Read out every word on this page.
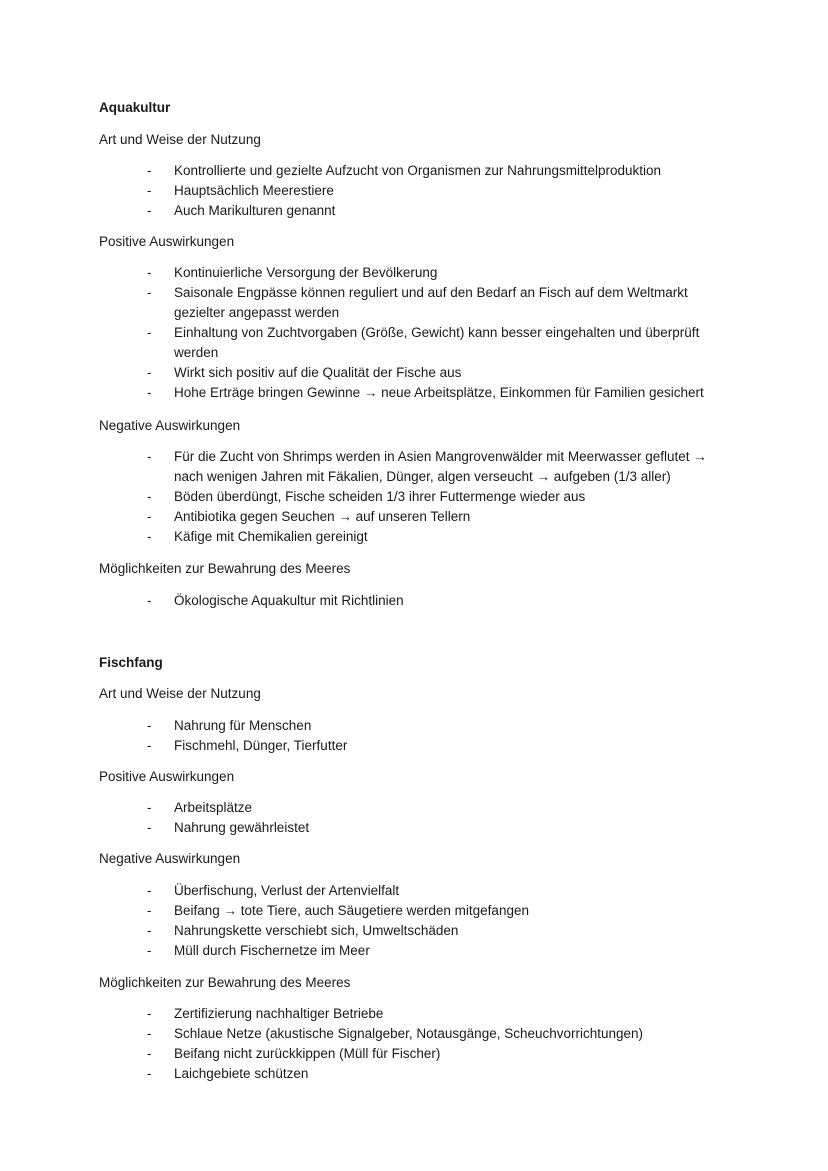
Aquakultur
Art und Weise der Nutzung
- Kontrollierte und gezielte Aufzucht von Organismen zur Nahrungsmittelproduktion
- Hauptsächlich Meerestiere
- Auch Marikulturen genannt
Positive Auswirkungen
- Kontinuierliche Versorgung der Bevölkerung
- Saisonale Engpässe können reguliert und auf den Bedarf an Fisch auf dem Weltmarkt gezielter angepasst werden
- Einhaltung von Zuchtvorgaben (Größe, Gewicht) kann besser eingehalten und überprüft werden
- Wirkt sich positiv auf die Qualität der Fische aus
- Hohe Erträge bringen Gewinne → neue Arbeitsplätze, Einkommen für Familien gesichert
Negative Auswirkungen
- Für die Zucht von Shrimps werden in Asien Mangrovenwälder mit Meerwasser geflutet → nach wenigen Jahren mit Fäkalien, Dünger, algen verseucht → aufgeben (1/3 aller)
- Böden überdüngt, Fische scheiden 1/3 ihrer Futtermenge wieder aus
- Antibiotika gegen Seuchen → auf unseren Tellern
- Käfige mit Chemikalien gereinigt
Möglichkeiten zur Bewahrung des Meeres
- Ökologische Aquakultur mit Richtlinien
Fischfang
Art und Weise der Nutzung
- Nahrung für Menschen
- Fischmehl, Dünger, Tierfutter
Positive Auswirkungen
- Arbeitsplätze
- Nahrung gewährleistet
Negative Auswirkungen
- Überfischung, Verlust der Artenvielfalt
- Beifang → tote Tiere, auch Säugetiere werden mitgefangen
- Nahrungskette verschiebt sich, Umweltschäden
- Müll durch Fischernetze im Meer
Möglichkeiten zur Bewahrung des Meeres
- Zertifizierung nachhaltiger Betriebe
- Schlaue Netze (akustische Signalgeber, Notausgänge, Scheuchvorrichtungen)
- Beifang nicht zurückkippen (Müll für Fischer)
- Laichgebiete schützen
